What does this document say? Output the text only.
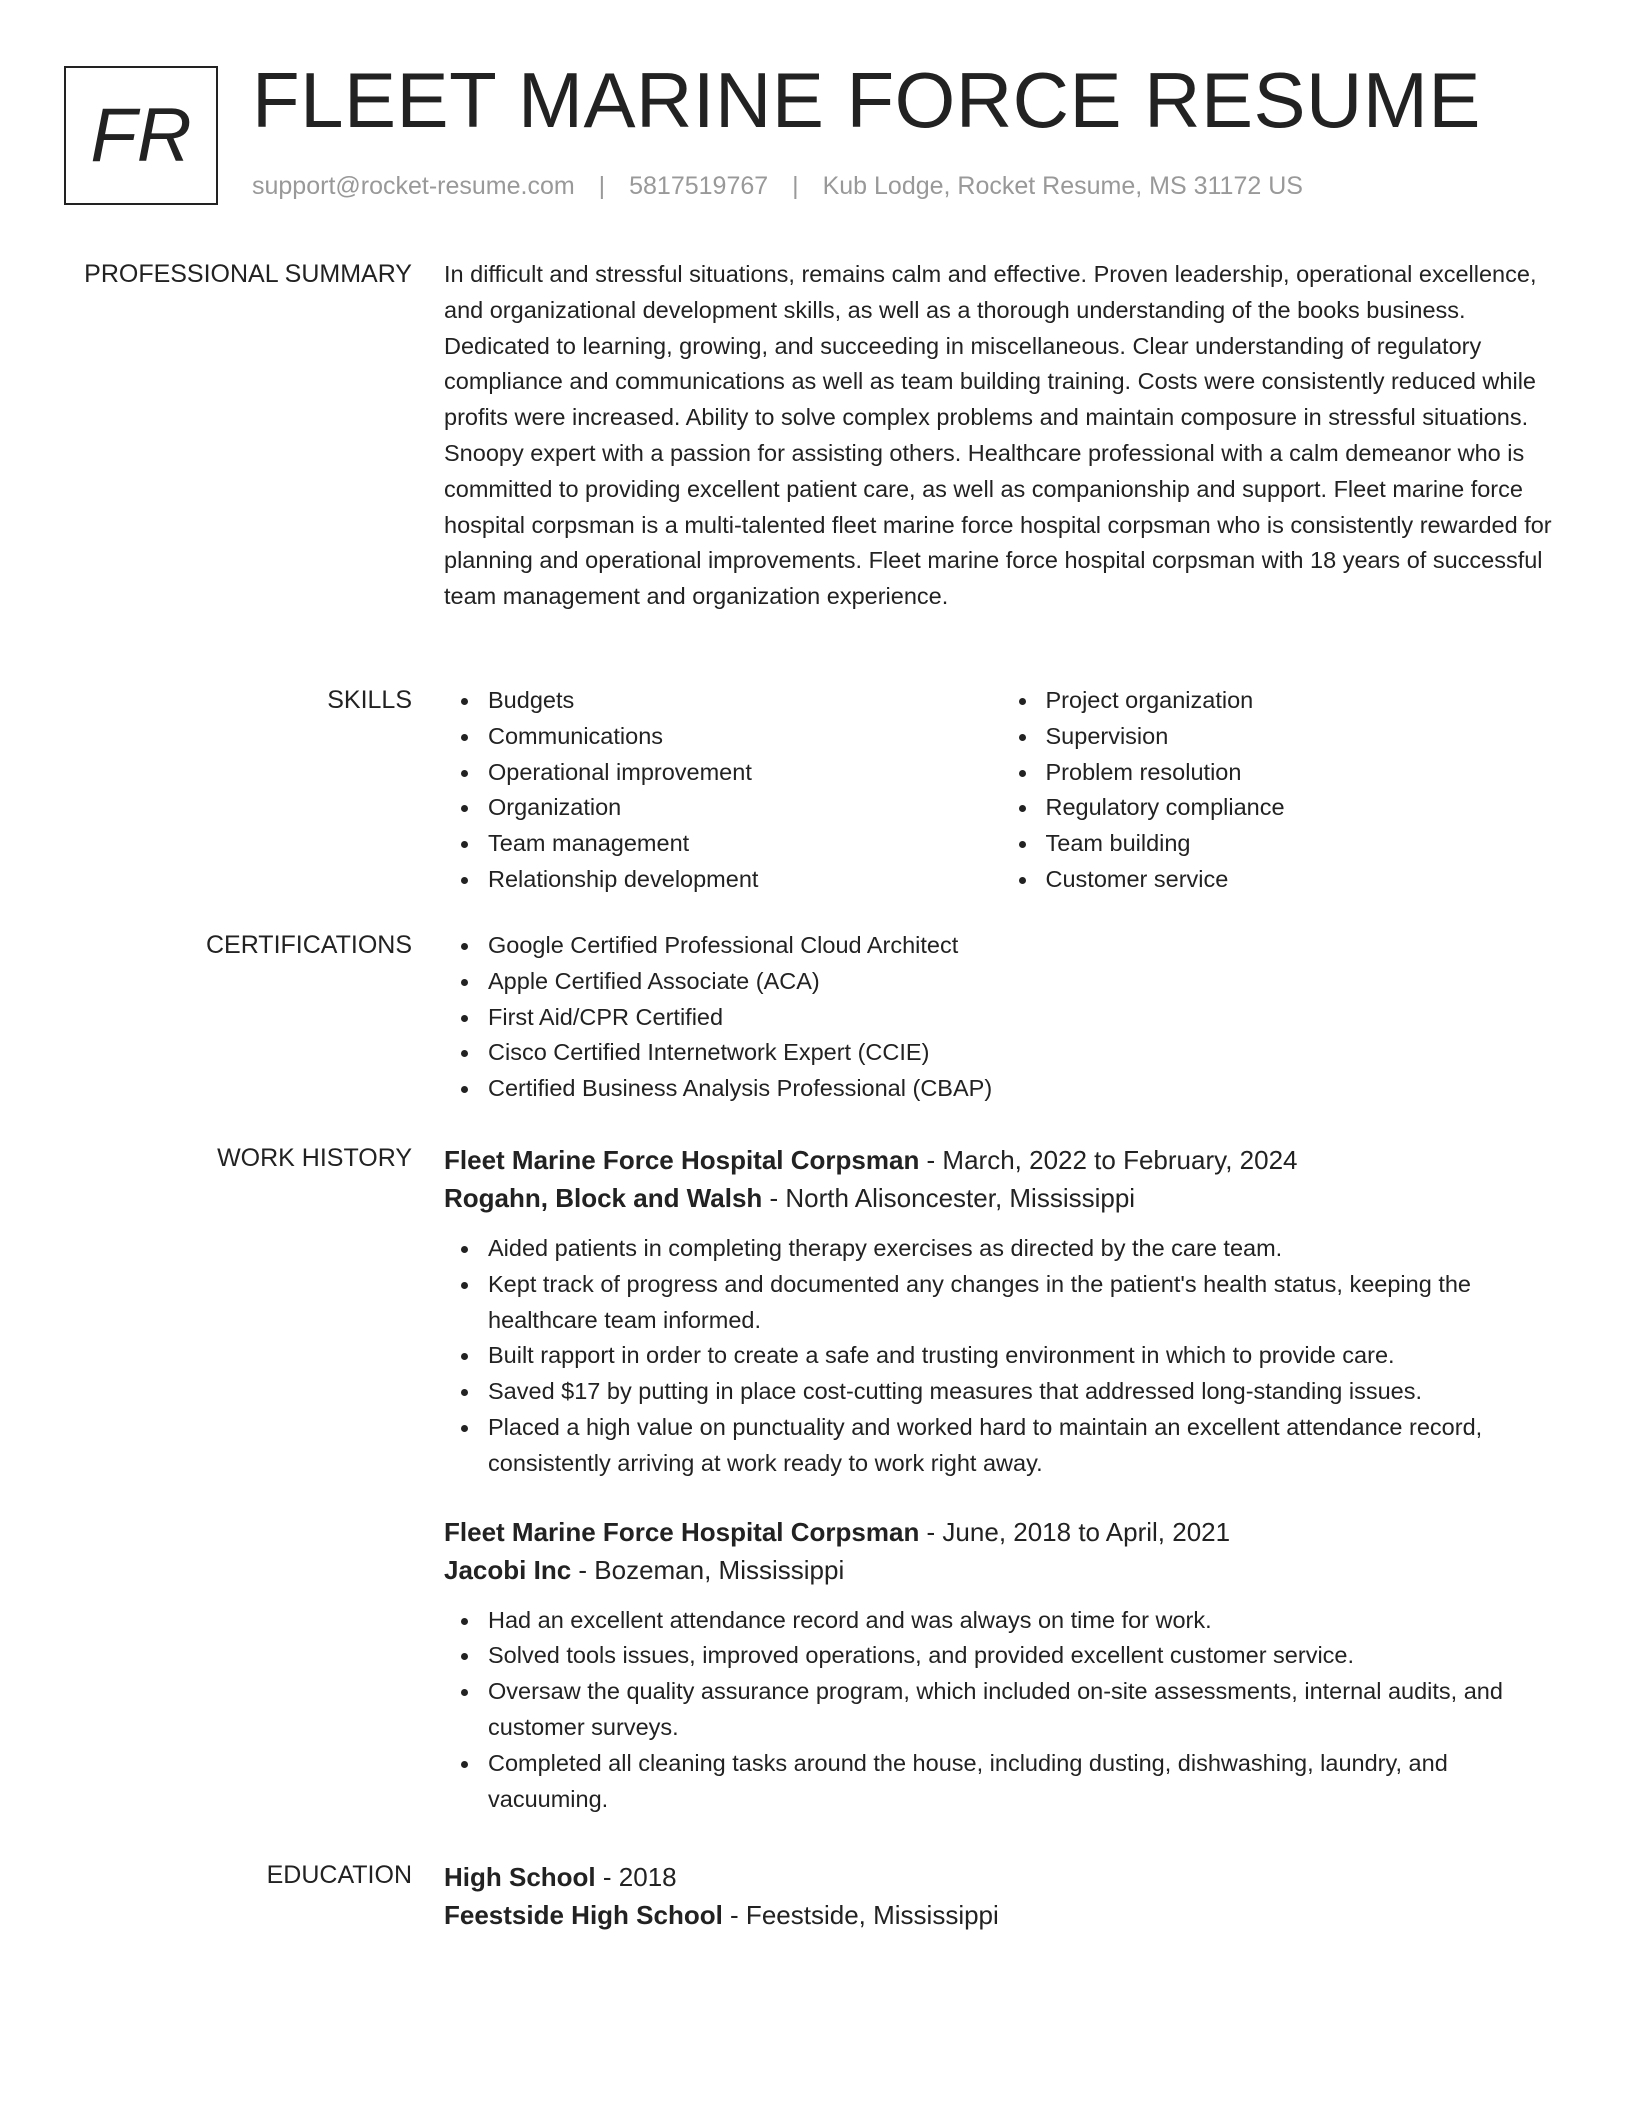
FR FLEET MARINE FORCE RESUME
support@rocket-resume.com | 5817519767 | Kub Lodge, Rocket Resume, MS 31172 US
PROFESSIONAL SUMMARY In difficult and stressful situations, remains calm and effective. Proven leadership, operational excellence, and organizational development skills, as well as a thorough understanding of the books business. Dedicated to learning, growing, and succeeding in miscellaneous. Clear understanding of regulatory compliance and communications as well as team building training. Costs were consistently reduced while profits were increased. Ability to solve complex problems and maintain composure in stressful situations. Snoopy expert with a passion for assisting others. Healthcare professional with a calm demeanor who is committed to providing excellent patient care, as well as companionship and support. Fleet marine force hospital corpsman is a multi-talented fleet marine force hospital corpsman who is consistently rewarded for planning and operational improvements. Fleet marine force hospital corpsman with 18 years of successful team management and organization experience.

SKILLS	Budgets
Communications
Operational improvement
Organization
Team management
Relationship development
Project organization
Supervision
Problem resolution
Regulatory compliance
Team building
Customer service
CERTIFICATIONS	Google Certified Professional Cloud Architect
Apple Certified Associate (ACA)
First Aid/CPR Certified
Cisco Certified Internetwork Expert (CCIE)
Certified Business Analysis Professional (CBAP)
WORK HISTORY Fleet Marine Force Hospital Corpsman - March, 2022 to February, 2024
Rogahn, Block and Walsh - North Alisoncester, Mississippi
Aided patients in completing therapy exercises as directed by the care team.
Kept track of progress and documented any changes in the patient's health status, keeping the healthcare team informed.
Built rapport in order to create a safe and trusting environment in which to provide care.
Saved $17 by putting in place cost-cutting measures that addressed long-standing issues.
Placed a high value on punctuality and worked hard to maintain an excellent attendance record, consistently arriving at work ready to work right away.
Fleet Marine Force Hospital Corpsman - June, 2018 to April, 2021
Jacobi Inc - Bozeman, Mississippi
Had an excellent attendance record and was always on time for work.
Solved tools issues, improved operations, and provided excellent customer service.
Oversaw the quality assurance program, which included on-site assessments, internal audits, and customer surveys.
Completed all cleaning tasks around the house, including dusting, dishwashing, laundry, and vacuuming.
EDUCATION High School - 2018
Feestside High School - Feestside, Mississippi
